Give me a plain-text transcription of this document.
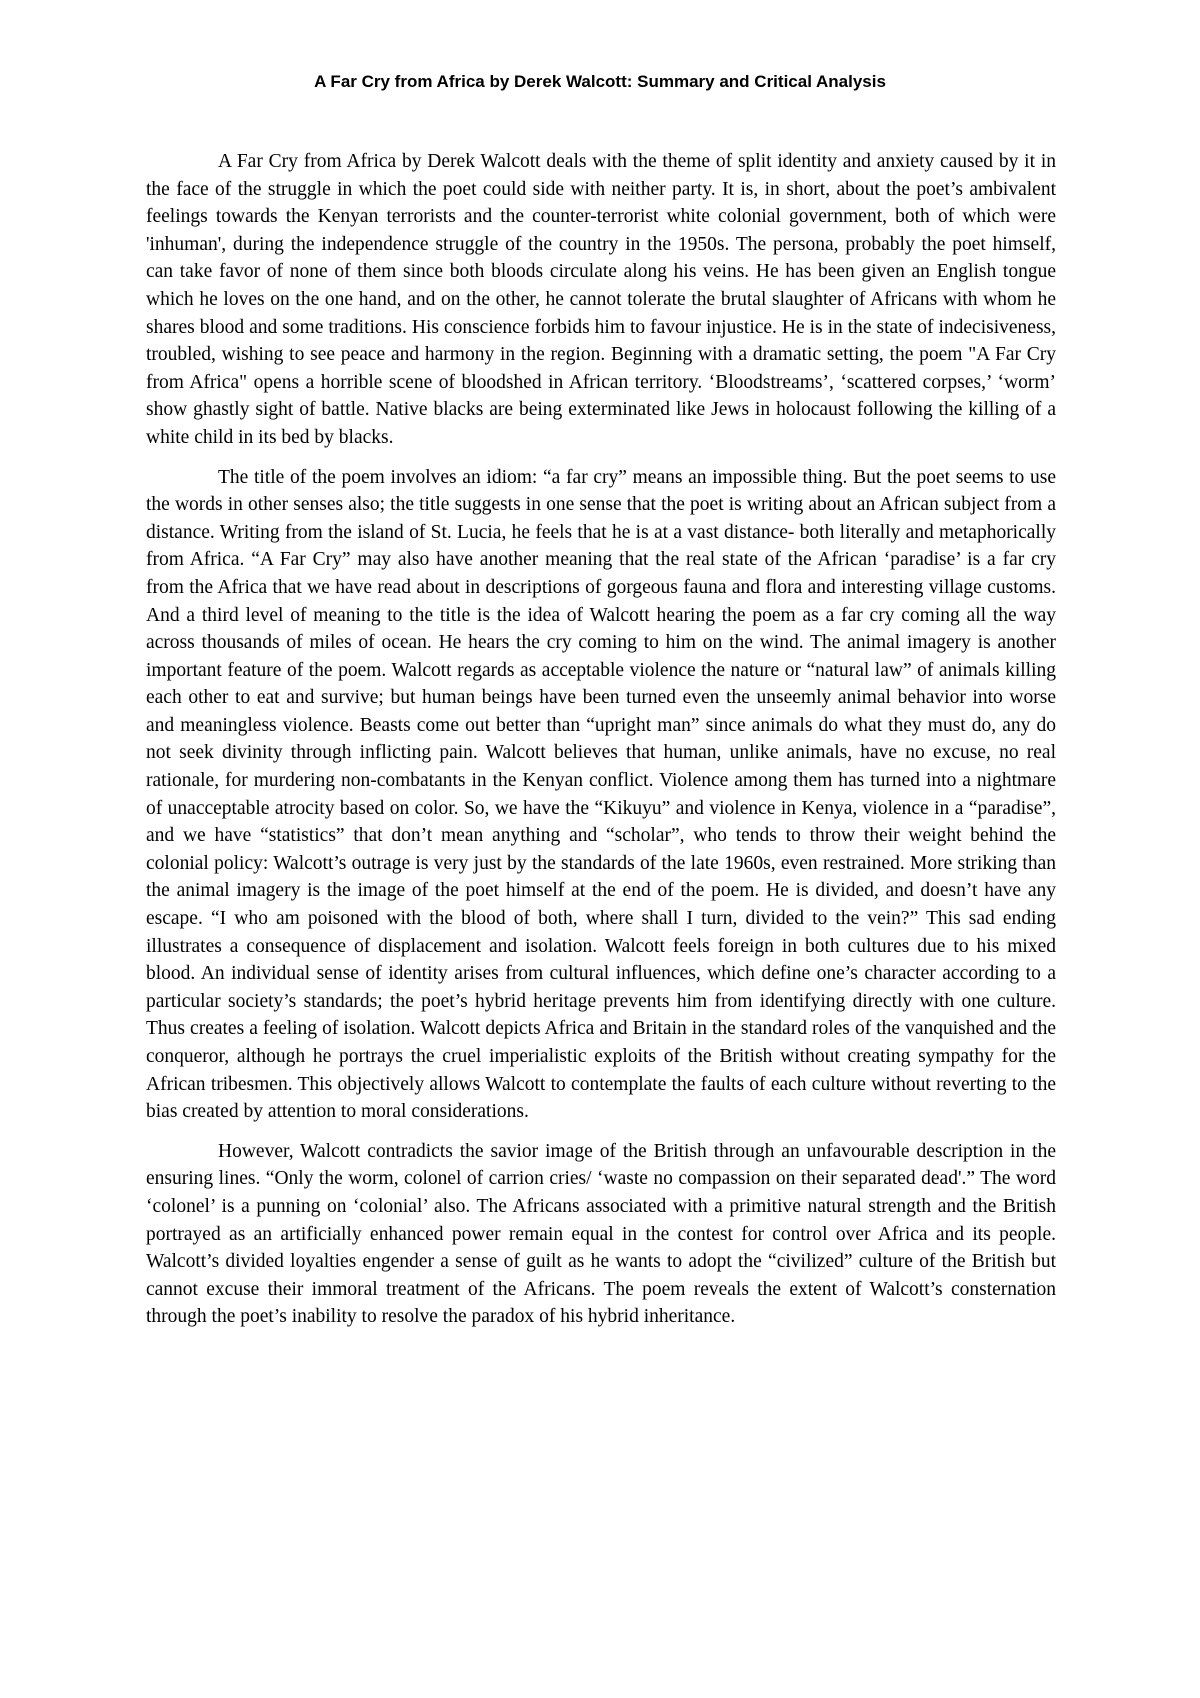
A Far Cry from Africa by Derek Walcott: Summary and Critical Analysis

A Far Cry from Africa by Derek Walcott deals with the theme of split identity and anxiety caused by it in the face of the struggle in which the poet could side with neither party. It is, in short, about the poet’s ambivalent feelings towards the Kenyan terrorists and the counter-terrorist white colonial government, both of which were 'inhuman', during the independence struggle of the country in the 1950s. The persona, probably the poet himself, can take favor of none of them since both bloods circulate along his veins. He has been given an English tongue which he loves on the one hand, and on the other, he cannot tolerate the brutal slaughter of Africans with whom he shares blood and some traditions. His conscience forbids him to favour injustice. He is in the state of indecisiveness, troubled, wishing to see peace and harmony in the region. Beginning with a dramatic setting, the poem "A Far Cry from Africa" opens a horrible scene of bloodshed in African territory. ‘Bloodstreams’, ‘scattered corpses,’ ‘worm’ show ghastly sight of battle. Native blacks are being exterminated like Jews in holocaust following the killing of a white child in its bed by blacks.

The title of the poem involves an idiom: “a far cry” means an impossible thing. But the poet seems to use the words in other senses also; the title suggests in one sense that the poet is writing about an African subject from a distance. Writing from the island of St. Lucia, he feels that he is at a vast distance- both literally and metaphorically from Africa. “A Far Cry” may also have another meaning that the real state of the African ‘paradise’ is a far cry from the Africa that we have read about in descriptions of gorgeous fauna and flora and interesting village customs. And a third level of meaning to the title is the idea of Walcott hearing the poem as a far cry coming all the way across thousands of miles of ocean. He hears the cry coming to him on the wind. The animal imagery is another important feature of the poem. Walcott regards as acceptable violence the nature or “natural law” of animals killing each other to eat and survive; but human beings have been turned even the unseemly animal behavior into worse and meaningless violence. Beasts come out better than “upright man” since animals do what they must do, any do not seek divinity through inflicting pain. Walcott believes that human, unlike animals, have no excuse, no real rationale, for murdering non-combatants in the Kenyan conflict. Violence among them has turned into a nightmare of unacceptable atrocity based on color. So, we have the “Kikuyu” and violence in Kenya, violence in a “paradise”, and we have “statistics” that don’t mean anything and “scholar”, who tends to throw their weight behind the colonial policy: Walcott’s outrage is very just by the standards of the late 1960s, even restrained. More striking than the animal imagery is the image of the poet himself at the end of the poem. He is divided, and doesn’t have any escape. “I who am poisoned with the blood of both, where shall I turn, divided to the vein?” This sad ending illustrates a consequence of displacement and isolation. Walcott feels foreign in both cultures due to his mixed blood. An individual sense of identity arises from cultural influences, which define one’s character according to a particular society’s standards; the poet’s hybrid heritage prevents him from identifying directly with one culture. Thus creates a feeling of isolation. Walcott depicts Africa and Britain in the standard roles of the vanquished and the conqueror, although he portrays the cruel imperialistic exploits of the British without creating sympathy for the African tribesmen. This objectively allows Walcott to contemplate the faults of each culture without reverting to the bias created by attention to moral considerations.

However, Walcott contradicts the savior image of the British through an unfavourable description in the ensuring lines. “Only the worm, colonel of carrion cries/ ‘waste no compassion on their separated dead'.” The word ‘colonel’ is a punning on ‘colonial’ also. The Africans associated with a primitive natural strength and the British portrayed as an artificially enhanced power remain equal in the contest for control over Africa and its people. Walcott’s divided loyalties engender a sense of guilt as he wants to adopt the “civilized” culture of the British but cannot excuse their immoral treatment of the Africans. The poem reveals the extent of Walcott’s consternation through the poet’s inability to resolve the paradox of his hybrid inheritance.
